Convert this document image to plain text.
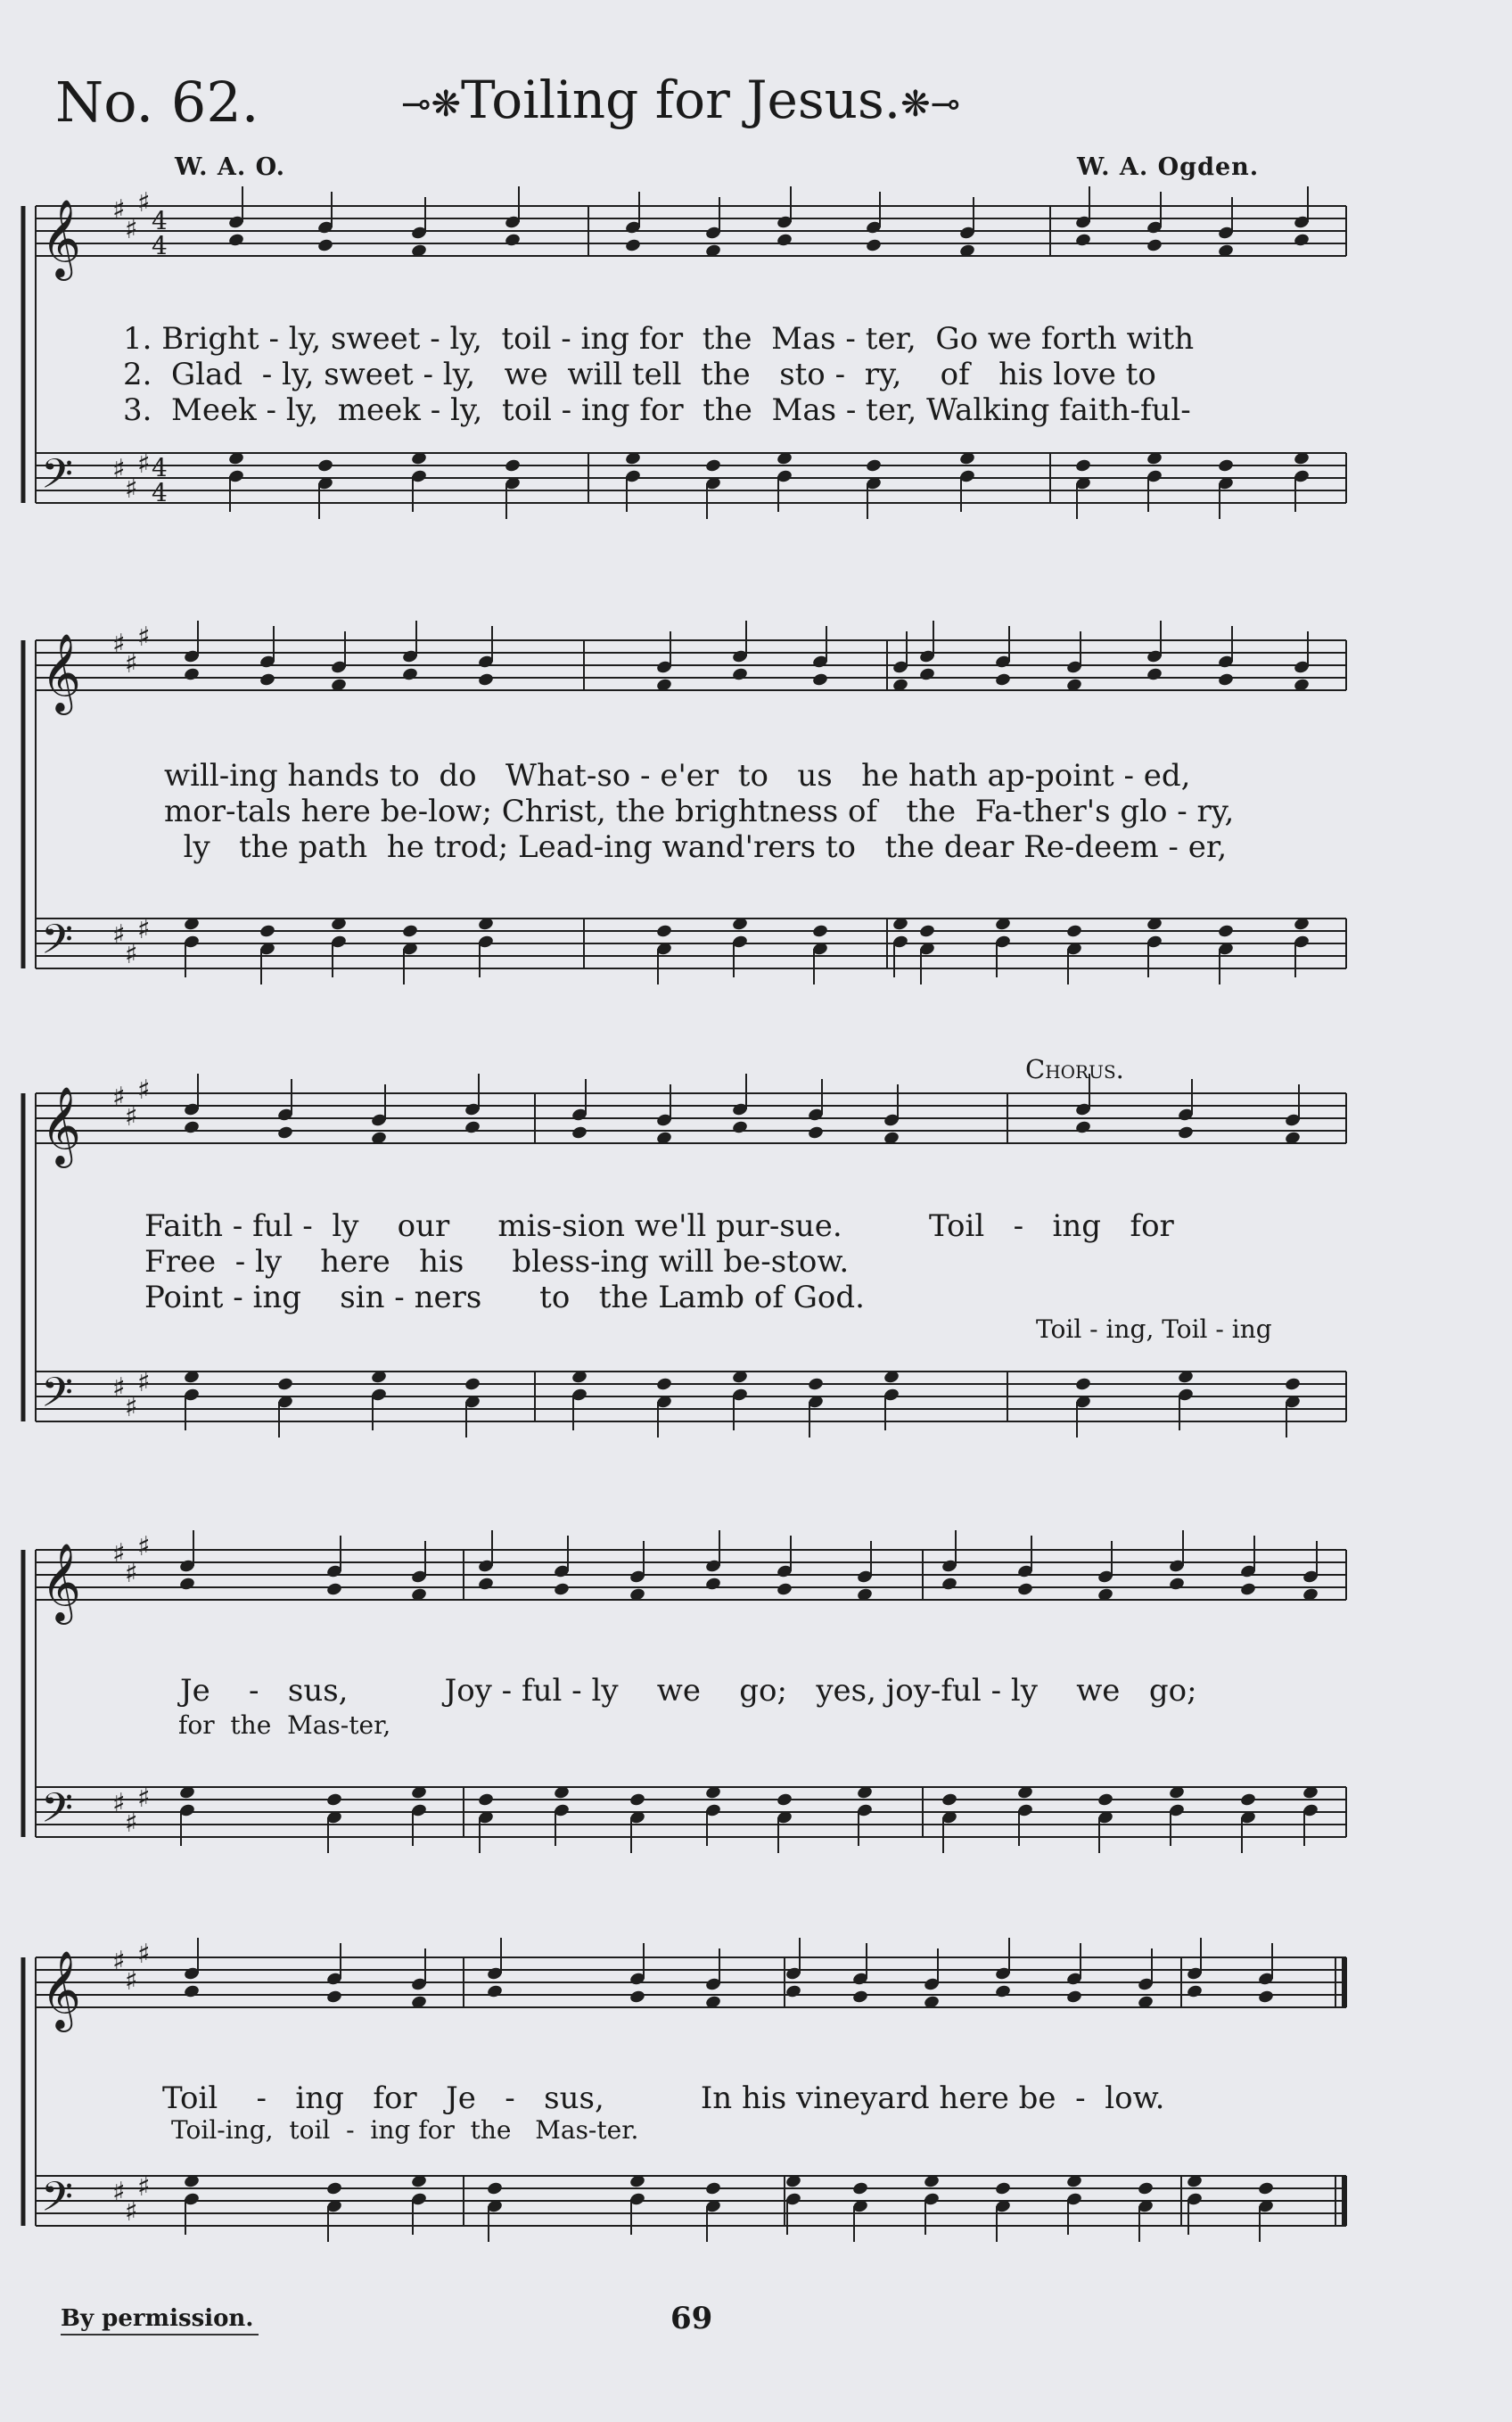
No. 62.	⊸❋Toiling for Jesus.❋⊸
W. A. O.	W. A. Ogden.
𝄞
𝄢
♯
♯
♯
♯
♯
♯
4
4
4
4
𝄞
𝄢
♯
♯
♯
♯
♯
♯
𝄞
𝄢
♯
♯
♯
♯
♯
♯
𝄞
𝄢
♯
♯
♯
♯
♯
♯
𝄞
𝄢
♯
♯
♯
♯
♯
♯
1. Bright - ly, sweet - ly,  toil - ing for  the  Mas - ter,  Go we forth with
2.  Glad  - ly, sweet - ly,   we  will tell  the   sto -  ry,    of   his love to
3.  Meek - ly,  meek - ly,  toil - ing for  the  Mas - ter, Walking faith-ful-
will-ing hands to  do   What-so - e'er  to   us   he hath ap-point - ed,
mor-tals here be-low; Christ, the brightness of   the  Fa-ther's glo - ry,
ly   the path  he trod; Lead-ing wand'rers to   the dear Re-deem - er,
Chorus.
Faith - ful -  ly    our     mis-sion we'll pur-sue.         Toil   -   ing   for
Free  - ly    here   his     bless-ing will be-stow.
Point - ing    sin - ners      to   the Lamb of God.
Toil - ing, Toil - ing
Je    -   sus,          Joy - ful - ly    we    go;   yes, joy-ful - ly    we   go;
for  the  Mas-ter,
Toil    -   ing   for   Je   -   sus,          In his vineyard here be  -  low.
Toil-ing,  toil  -  ing for  the   Mas-ter.
By permission.	69
